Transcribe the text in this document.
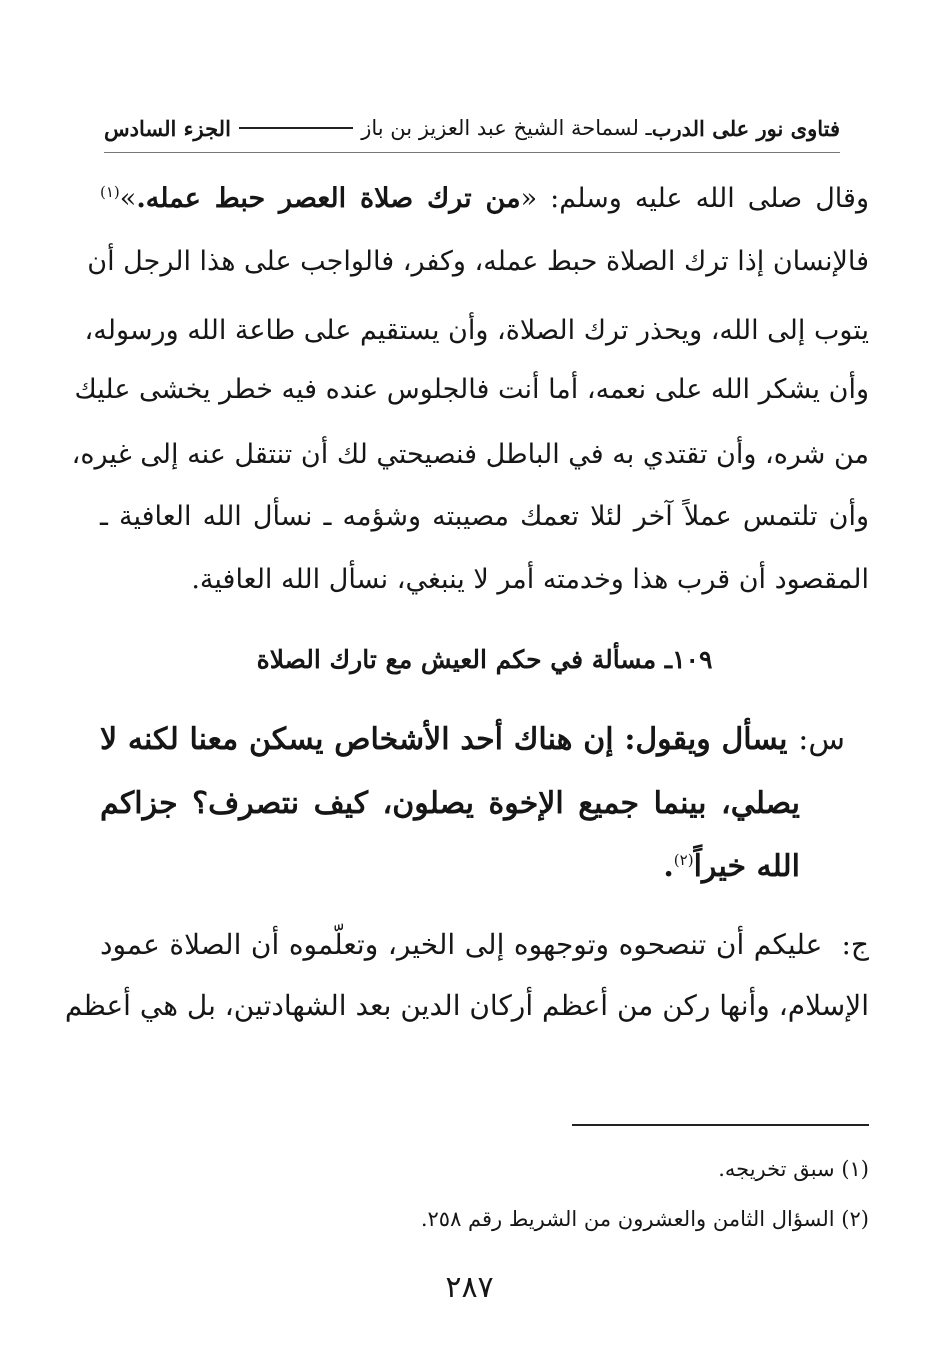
فتاوى نور على الدرب
ـ لسماحة الشيخ عبد العزيز بن باز
الجزء السادس
وقال صلى الله عليه وسلم: «من ترك صلاة العصر حبط عمله.»$^{(١)}$
فالإنسان إذا ترك الصلاة حبط عمله، وكفر، فالواجب على هذا الرجل أن
يتوب إلى الله، ويحذر ترك الصلاة، وأن يستقيم على طاعة الله ورسوله،
وأن يشكر الله على نعمه، أما أنت فالجلوس عنده فيه خطر يخشى عليك
من شره، وأن تقتدي به في الباطل فنصيحتي لك أن تنتقل عنه إلى غيره،
وأن تلتمس عملاً آخر لئلا تعمك مصيبته وشؤمه ـ نسأل الله العافية ـ
المقصود أن قرب هذا وخدمته أمر لا ينبغي، نسأل الله العافية.
١٠٩ـ مسألة في حكم العيش مع تارك الصلاة
س: يسأل ويقول: إن هناك أحد الأشخاص يسكن معنا لكنه لا
يصلي، بينما جميع الإخوة يصلون، كيف نتصرف؟ جزاكم
الله خيراً$^{(٢)}$.
ج:  عليكم أن تنصحوه وتوجهوه إلى الخير، وتعلّموه أن الصلاة عمود
الإسلام، وأنها ركن من أعظم أركان الدين بعد الشهادتين، بل هي أعظم
(١) سبق تخريجه.
(٢) السؤال الثامن والعشرون من الشريط رقم ٢٥٨.
٢٨٧
